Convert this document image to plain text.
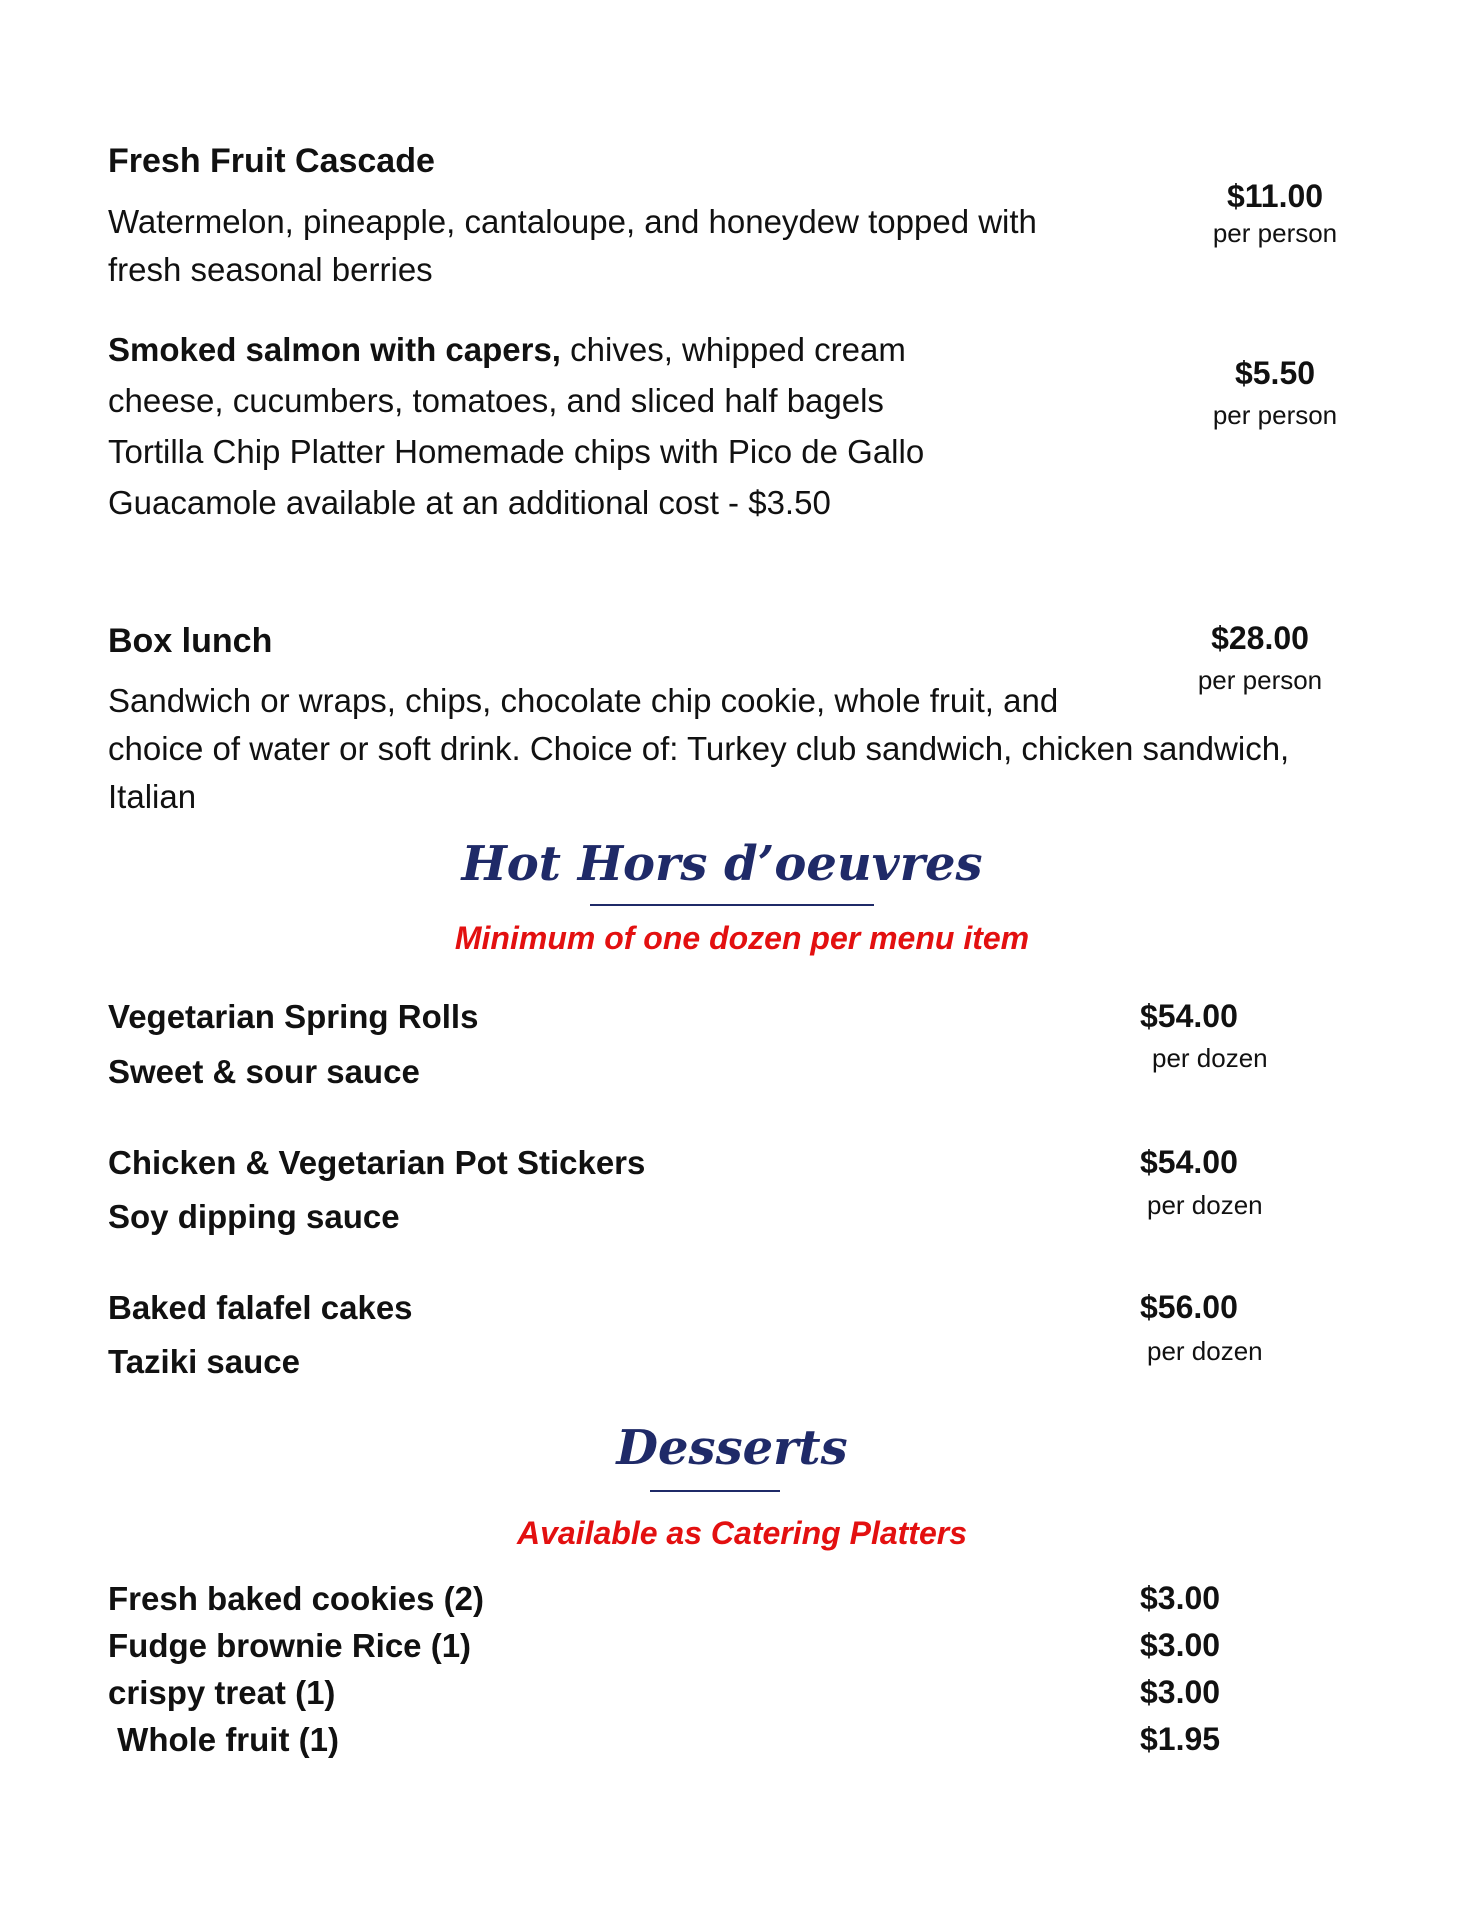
Fresh Fruit Cascade
Watermelon, pineapple, cantaloupe, and honeydew topped with
fresh seasonal berries
$11.00
per person
Smoked salmon with capers, chives, whipped cream
cheese, cucumbers, tomatoes, and sliced half bagels
Tortilla Chip Platter Homemade chips with Pico de Gallo
Guacamole available at an additional cost - $3.50
$5.50
per person
Box lunch
Sandwich or wraps, chips, chocolate chip cookie, whole fruit, and
choice of water or soft drink. Choice of: Turkey club sandwich, chicken sandwich,
Italian
$28.00
per person
Hot Hors d’oeuvres
Minimum of one dozen per menu item
Vegetarian Spring Rolls
Sweet & sour sauce
$54.00
per dozen
Chicken & Vegetarian Pot Stickers
Soy dipping sauce
$54.00
per dozen
Baked falafel cakes
Taziki sauce
$56.00
per dozen
Desserts
Available as Catering Platters
Fresh baked cookies (2)	$3.00
Fudge brownie Rice (1)	$3.00
crispy treat (1)	$3.00
Whole fruit (1)	$1.95
